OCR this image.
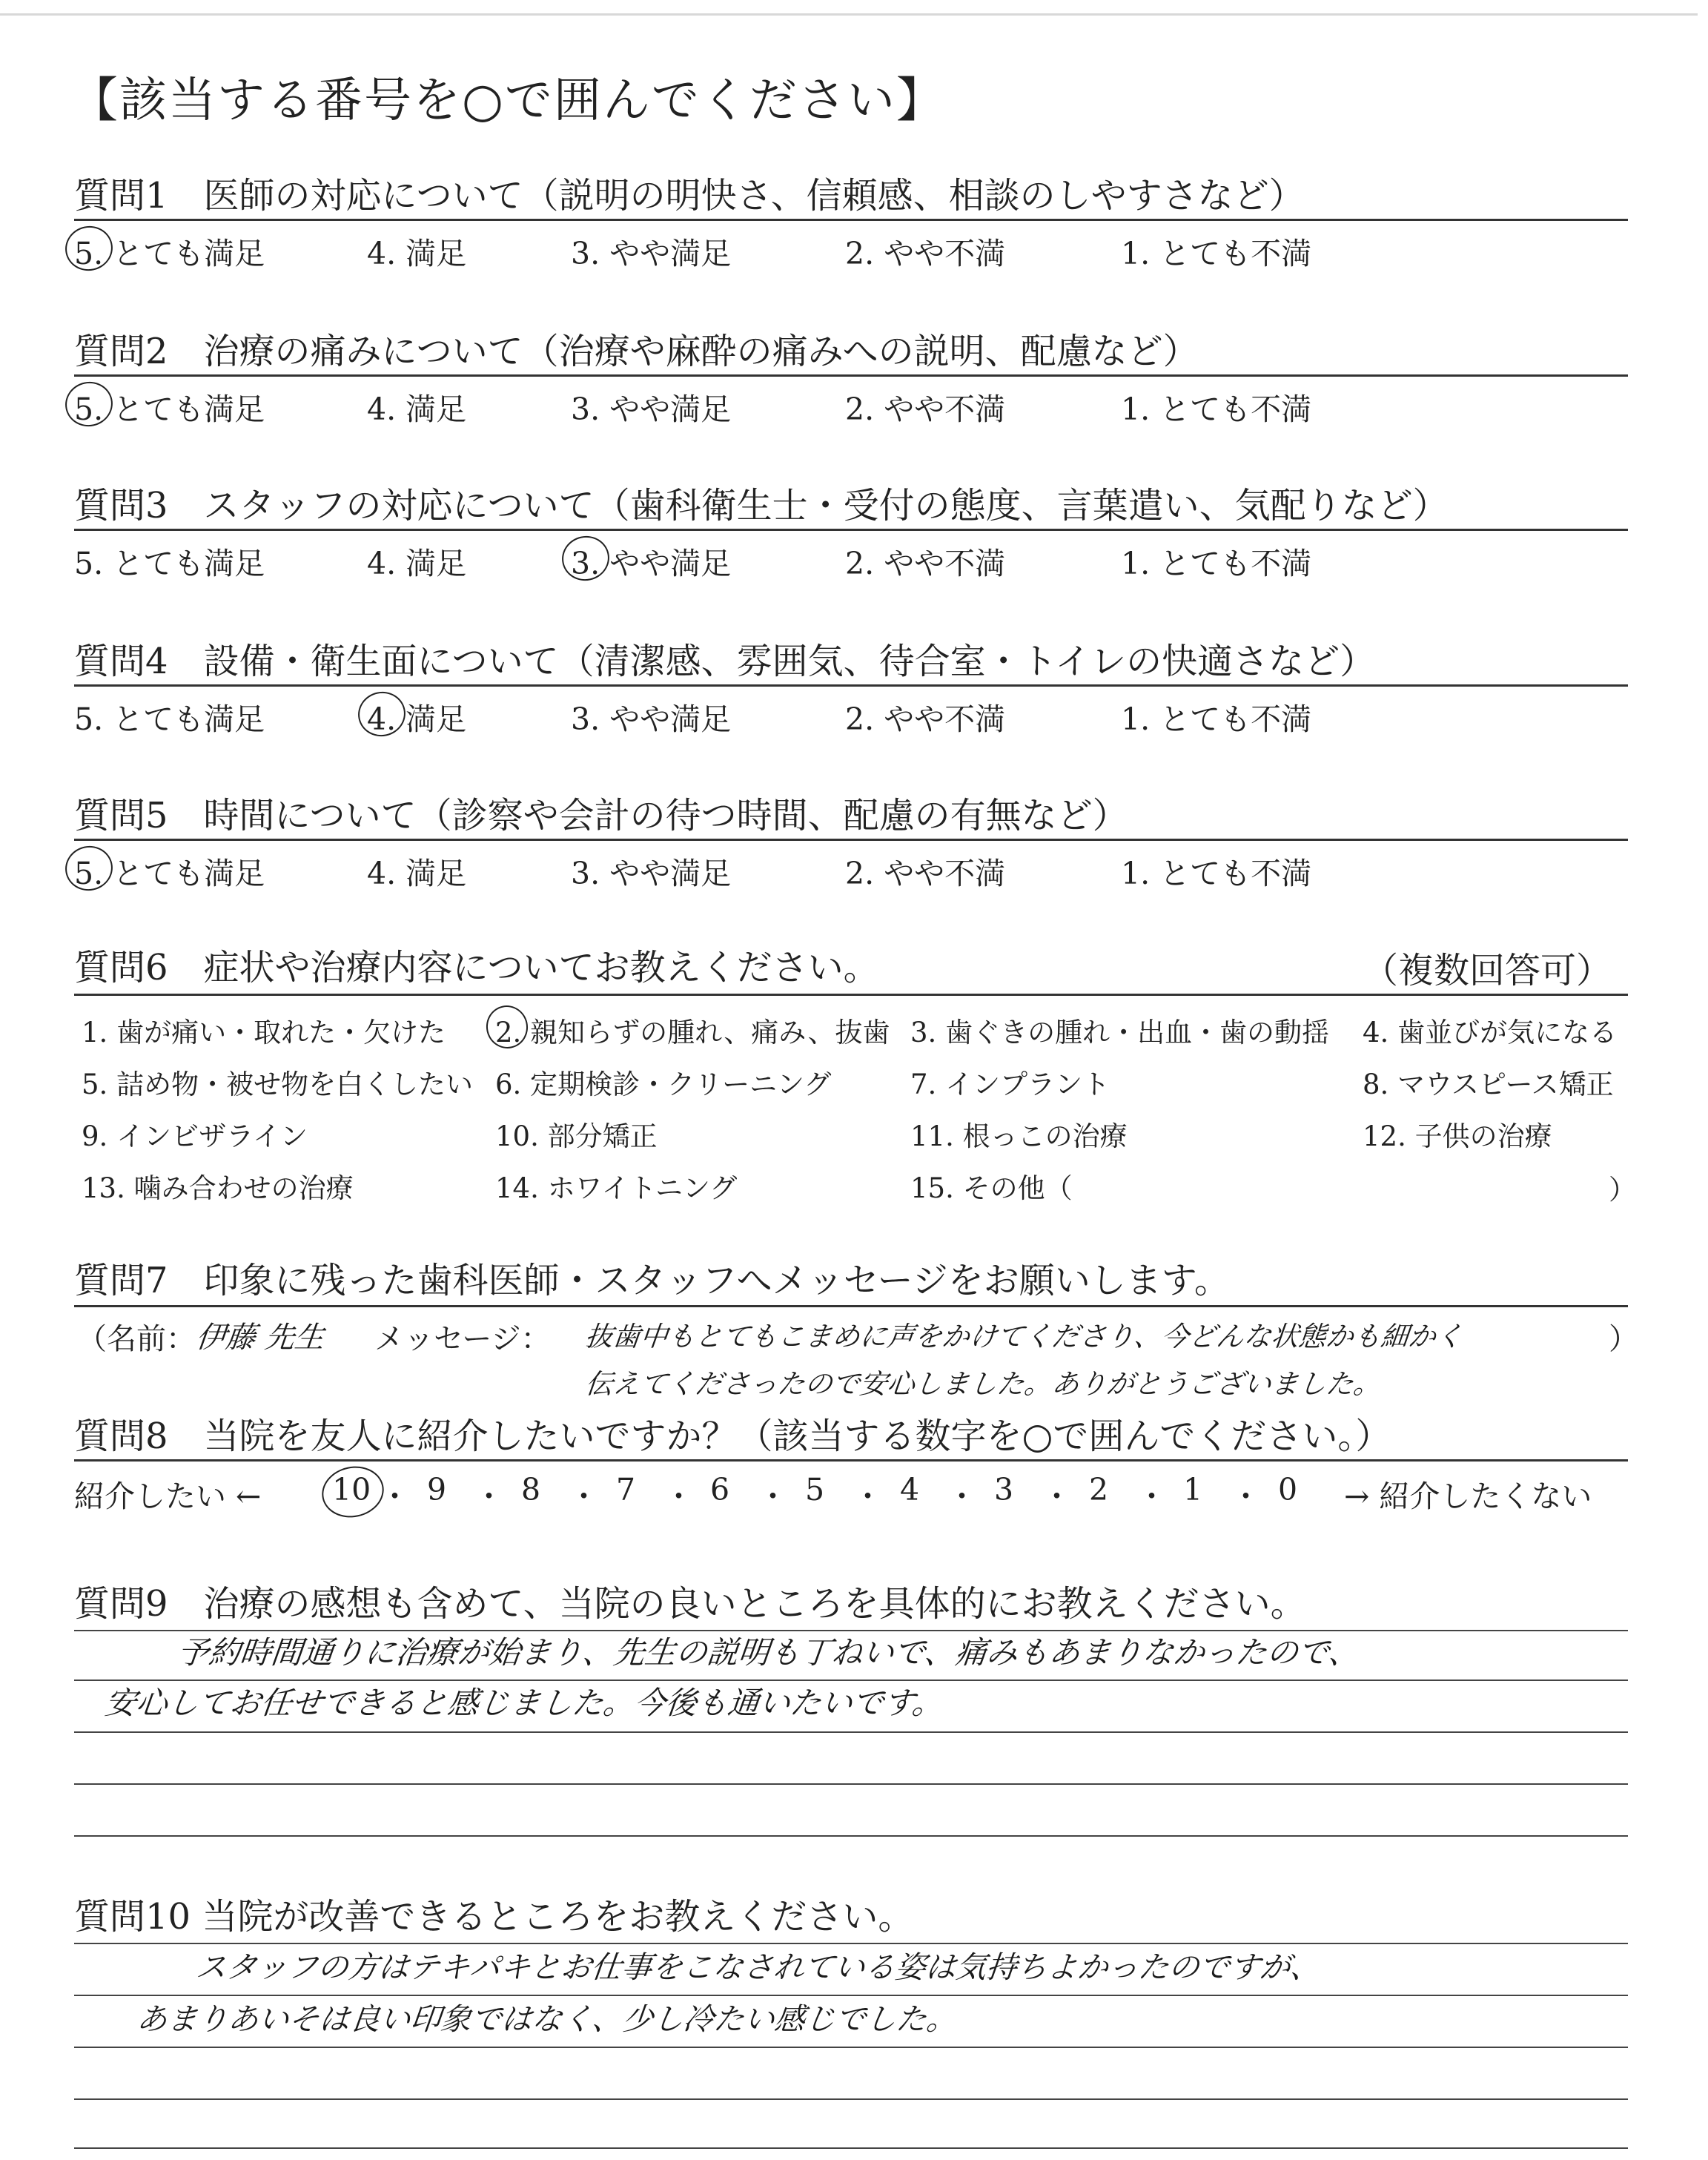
【該当する番号を○で囲んでください】
質問1　医師の対応について（説明の明快さ、信頼感、相談のしやすさなど）
5. とても満足	4. 満足	3. やや満足	2. やや不満	1. とても不満
質問2　治療の痛みについて（治療や麻酔の痛みへの説明、配慮など）
5. とても満足	4. 満足	3. やや満足	2. やや不満	1. とても不満
質問3　スタッフの対応について（歯科衛生士・受付の態度、言葉遣い、気配りなど）
5. とても満足	4. 満足	3. やや満足	2. やや不満	1. とても不満
質問4　設備・衛生面について（清潔感、雰囲気、待合室・トイレの快適さなど）
5. とても満足	4. 満足	3. やや満足	2. やや不満	1. とても不満
質問5　時間について（診察や会計の待つ時間、配慮の有無など）
5. とても満足	4. 満足	3. やや満足	2. やや不満	1. とても不満
質問6　症状や治療内容についてお教えください。	（複数回答可）
1. 歯が痛い・取れた・欠けた 2. 親知らずの腫れ、痛み、抜歯 3. 歯ぐきの腫れ・出血・歯の動揺 4. 歯並びが気になる
5. 詰め物・被せ物を白くしたい 6. 定期検診・クリーニング	7. インプラント	8. マウスピース矯正
9. インビザライン	10. 部分矯正	11. 根っこの治療	12. 子供の治療
13. 噛み合わせの治療	14. ホワイトニング	15. その他（	）
質問7　印象に残った歯科医師・スタッフへメッセージをお願いします。
（名前：
伊藤 先生 メッセージ： 抜歯中もとてもこまめに声をかけてくださり、今どんな状態かも細かく
伝えてくださったので安心しました。ありがとうございました。
）
質問8　当院を友人に紹介したいですか？（該当する数字を○で囲んでください。）
紹介したい ← 10 ・ 9 ・ 8 ・ 7 ・ 6 ・ 5 ・ 4 ・ 3 ・ 2 ・ 1 ・ 0 → 紹介したくない
質問9　治療の感想も含めて、当院の良いところを具体的にお教えください。
予約時間通りに治療が始まり、先生の説明も丁ねいで、痛みもあまりなかったので、
安心してお任せできると感じました。今後も通いたいです。
質問10 当院が改善できるところをお教えください。
スタッフの方はテキパキとお仕事をこなされている姿は気持ちよかったのですが、
あまりあいそは良い印象ではなく、少し冷たい感じでした。
